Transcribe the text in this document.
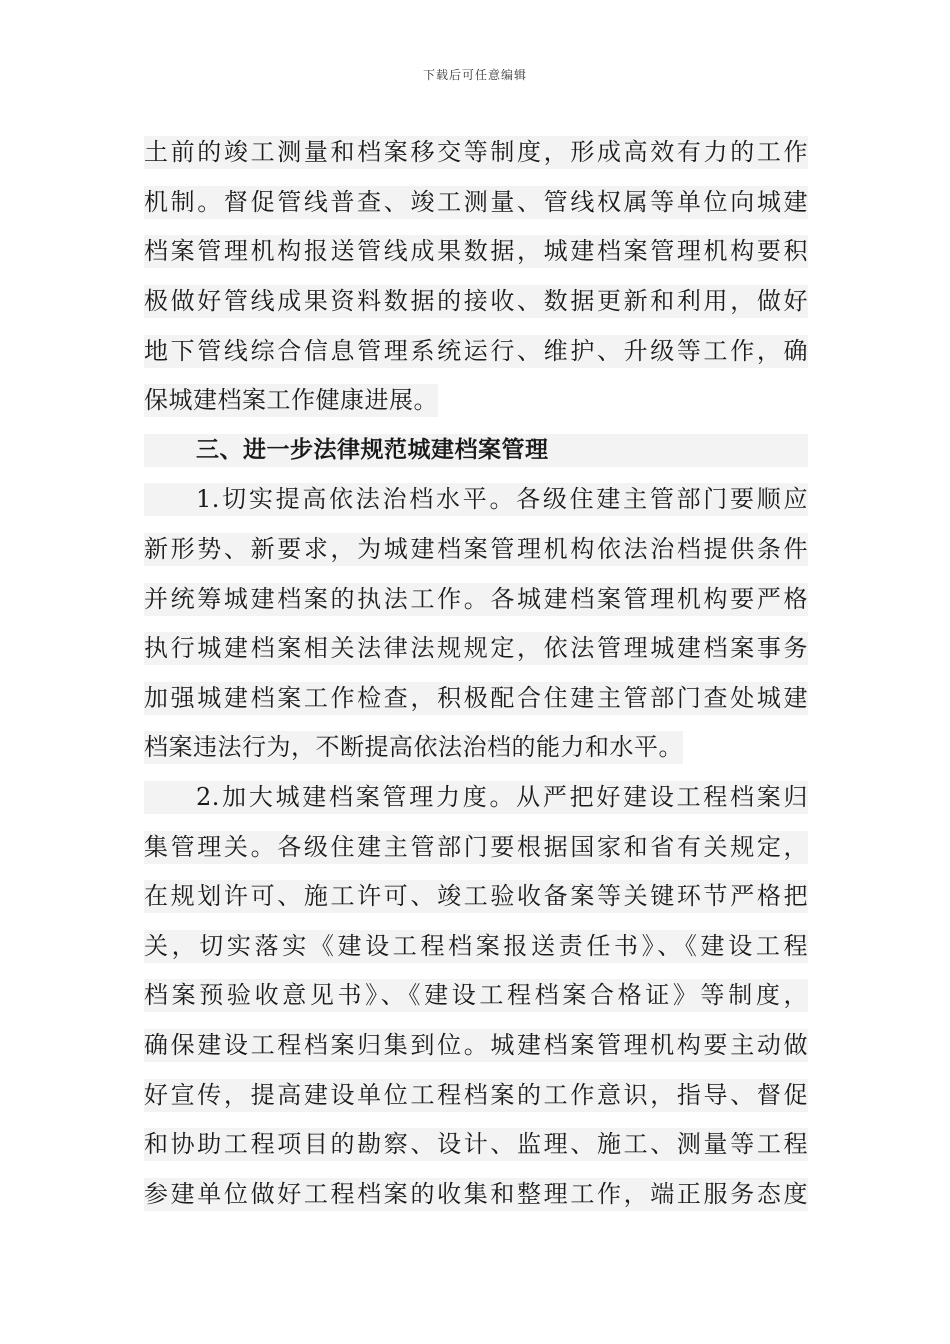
下载后可任意编辑
土前的竣工测量和档案移交等制度，形成高效有力的工作
机制。督促管线普查、竣工测量、管线权属等单位向城建
档案管理机构报送管线成果数据，城建档案管理机构要积
极做好管线成果资料数据的接收、数据更新和利用，做好
地下管线综合信息管理系统运行、维护、升级等工作，确
保城建档案工作健康进展。
三、进一步法律规范城建档案管理
1.切实提高依法治档水平。各级住建主管部门要顺应
新形势、新要求，为城建档案管理机构依法治档提供条件
并统筹城建档案的执法工作。各城建档案管理机构要严格
执行城建档案相关法律法规规定，依法管理城建档案事务
加强城建档案工作检查，积极配合住建主管部门查处城建
档案违法行为，不断提高依法治档的能力和水平。
2.加大城建档案管理力度。从严把好建设工程档案归
集管理关。各级住建主管部门要根据国家和省有关规定，
在规划许可、施工许可、竣工验收备案等关键环节严格把
关，切实落实《建设工程档案报送责任书》、《建设工程
档案预验收意见书》、《建设工程档案合格证》等制度，
确保建设工程档案归集到位。城建档案管理机构要主动做
好宣传，提高建设单位工程档案的工作意识，指导、督促
和协助工程项目的勘察、设计、监理、施工、测量等工程
参建单位做好工程档案的收集和整理工作，端正服务态度
